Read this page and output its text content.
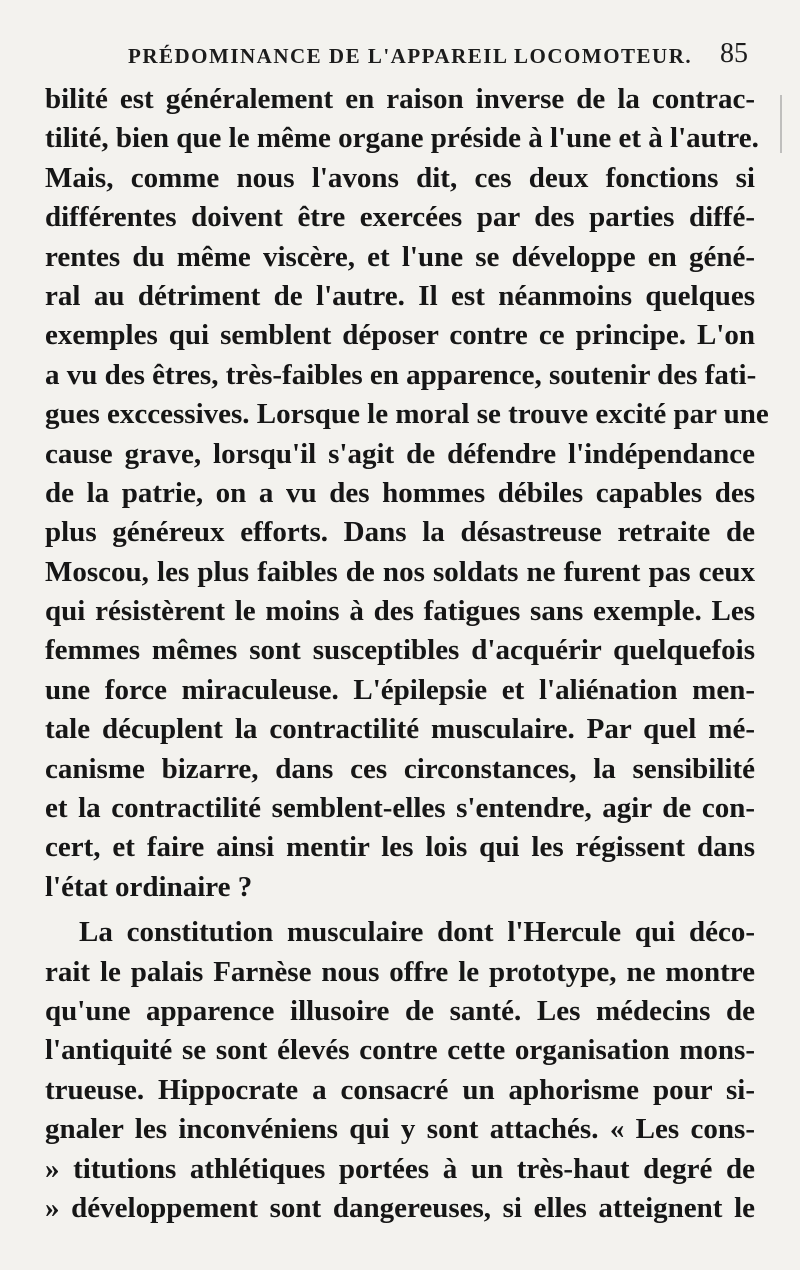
PRÉDOMINANCE DE L'APPAREIL LOCOMOTEUR. 85
bilité est généralement en raison inverse de la contrac-
tilité, bien que le même organe préside à l'une et à l'autre.
Mais, comme nous l'avons dit, ces deux fonctions si
différentes doivent être exercées par des parties diffé-
rentes du même viscère, et l'une se développe en géné-
ral au détriment de l'autre. Il est néanmoins quelques
exemples qui semblent déposer contre ce principe. L'on
a vu des êtres, très-faibles en apparence, soutenir des fati-
gues exccessives. Lorsque le moral se trouve excité par une
cause grave, lorsqu'il s'agit de défendre l'indépendance
de la patrie, on a vu des hommes débiles capables des
plus généreux efforts. Dans la désastreuse retraite de
Moscou, les plus faibles de nos soldats ne furent pas ceux
qui résistèrent le moins à des fatigues sans exemple. Les
femmes mêmes sont susceptibles d'acquérir quelquefois
une force miraculeuse. L'épilepsie et l'aliénation men-
tale décuplent la contractilité musculaire. Par quel mé-
canisme bizarre, dans ces circonstances, la sensibilité
et la contractilité semblent-elles s'entendre, agir de con-
cert, et faire ainsi mentir les lois qui les régissent dans
l'état ordinaire ?
La constitution musculaire dont l'Hercule qui déco-
rait le palais Farnèse nous offre le prototype, ne montre
qu'une apparence illusoire de santé. Les médecins de
l'antiquité se sont élevés contre cette organisation mons-
trueuse. Hippocrate a consacré un aphorisme pour si-
gnaler les inconvéniens qui y sont attachés. « Les cons-
» titutions athlétiques portées à un très-haut degré de
» développement sont dangereuses, si elles atteignent le
